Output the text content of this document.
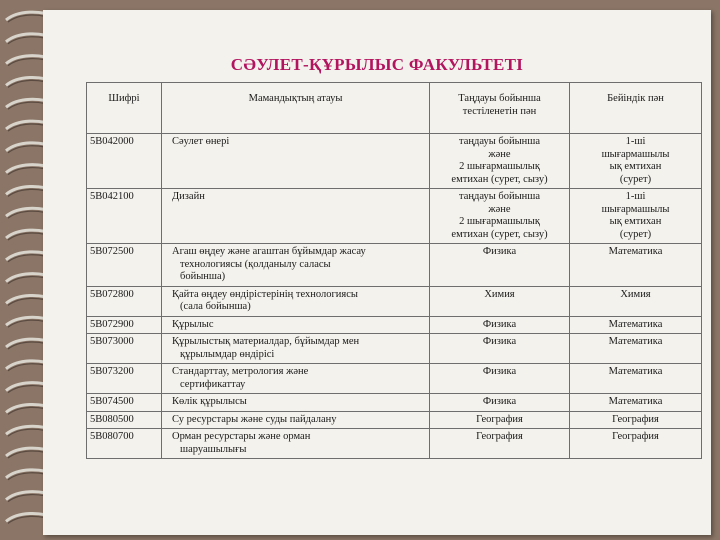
СӘУЛЕТ-ҚҰРЫЛЫС ФАКУЛЬТЕТІ
Шифрі	Мамандықтың атауы	Таңдауы бойынша тестіленетін пән	Бейіндік пән
5B042000	Сәулет өнері	таңдауы бойынша
және
2 шығармашылық
емтихан (сурет, сызу)	1-ші
шығармашылы
ық емтихан
(сурет)

5B042100	Дизайн	таңдауы бойынша
және
2 шығармашылық
емтихан (сурет, сызу)	1-ші
шығармашылы
ық емтихан
(сурет)

5B072500	Агаш өңдеу және агаштан бұйымдар жасау
технологиясы (қолданылу саласы
бойынша)	Физика	Математика

5B072800	Қайта өңдеу өндірістерінің технологиясы
(сала бойынша)	Химия	Химия

5B072900	Құрылыс	Физика	Математика

5B073000	Құрылыстық материалдар, бұйымдар мен
құрылымдар өндірісі	Физика	Математика

5B073200	Стандарттау, метрология және
сертификаттау	Физика	Математика

5B074500	Көлік құрылысы	Физика	Математика

5B080500	Су ресурстары және суды пайдалану	География	География

5B080700	Орман ресурстары және орман
шаруашылығы	География	География
